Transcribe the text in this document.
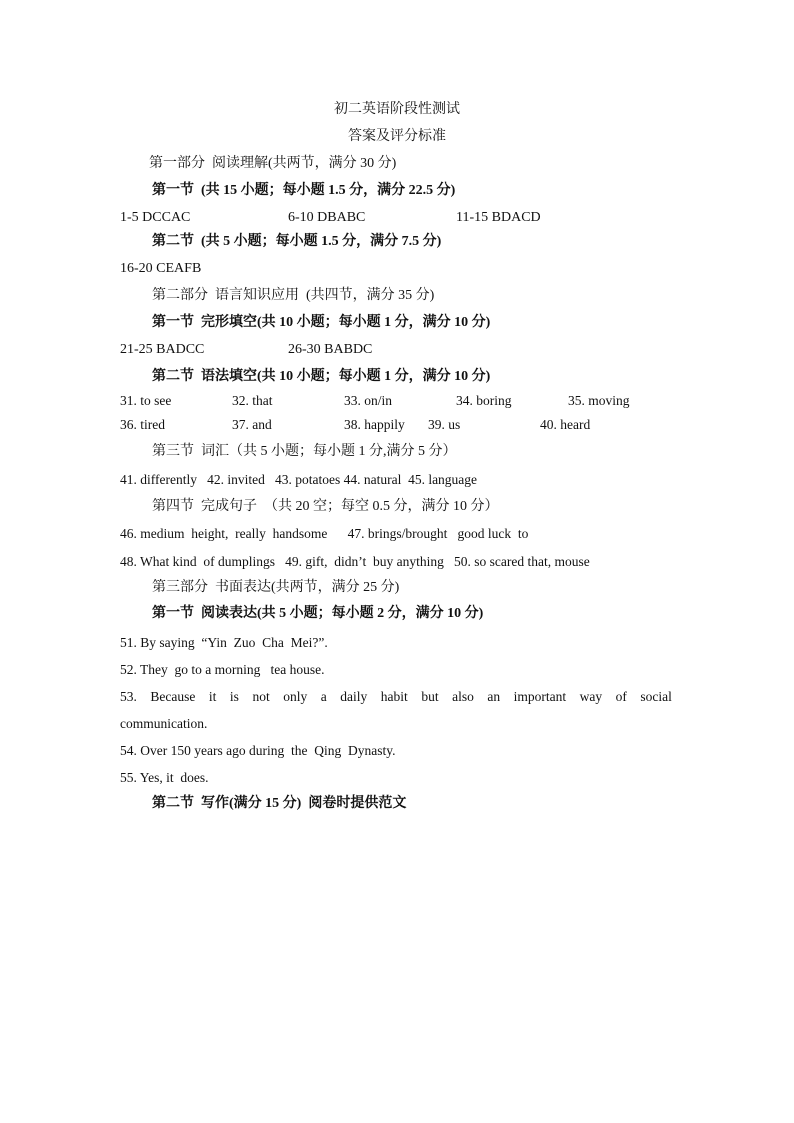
初二英语阶段性测试
答案及评分标准
第一部分  阅读理解(共两节，满分 30 分)
第一节  (共 15 小题；每小题 1.5 分，满分 22.5 分)
1-5 DCCAC	6-10 DBABC	11-15 BDACD
第二节  (共 5 小题；每小题 1.5 分，满分 7.5 分)
16-20 CEAFB
第二部分  语言知识应用  (共四节，满分 35 分)
第一节  完形填空(共 10 小题；每小题 1 分，满分 10 分)
21-25 BADCC	26-30 BABDC
第二节  语法填空(共 10 小题；每小题 1 分，满分 10 分)
31. to see	32. that	33. on/in	34. boring	35. moving
36. tired	37. and	38. happily 39. us	40. heard
第三节  词汇（共 5 小题；每小题 1 分,满分 5 分）
41. differently   42. invited   43. potatoes 44. natural  45. language
第四节  完成句子  （共 20 空；每空 0.5 分，满分 10 分）
46. medium  height,  really  handsome      47. brings/brought   good luck  to
48. What kind  of dumplings   49. gift,  didn’t  buy anything   50. so scared that, mouse
第三部分  书面表达(共两节，满分 25 分)
第一节  阅读表达(共 5 小题；每小题 2 分，满分 10 分)
51. By saying  “Yin  Zuo  Cha  Mei?”.
52. They  go to a morning   tea house.
53. Because it is not only a daily habit but also an important way of social
communication.
54. Over 150 years ago during  the  Qing  Dynasty.
55. Yes, it  does.
第二节  写作(满分 15 分)  阅卷时提供范文
